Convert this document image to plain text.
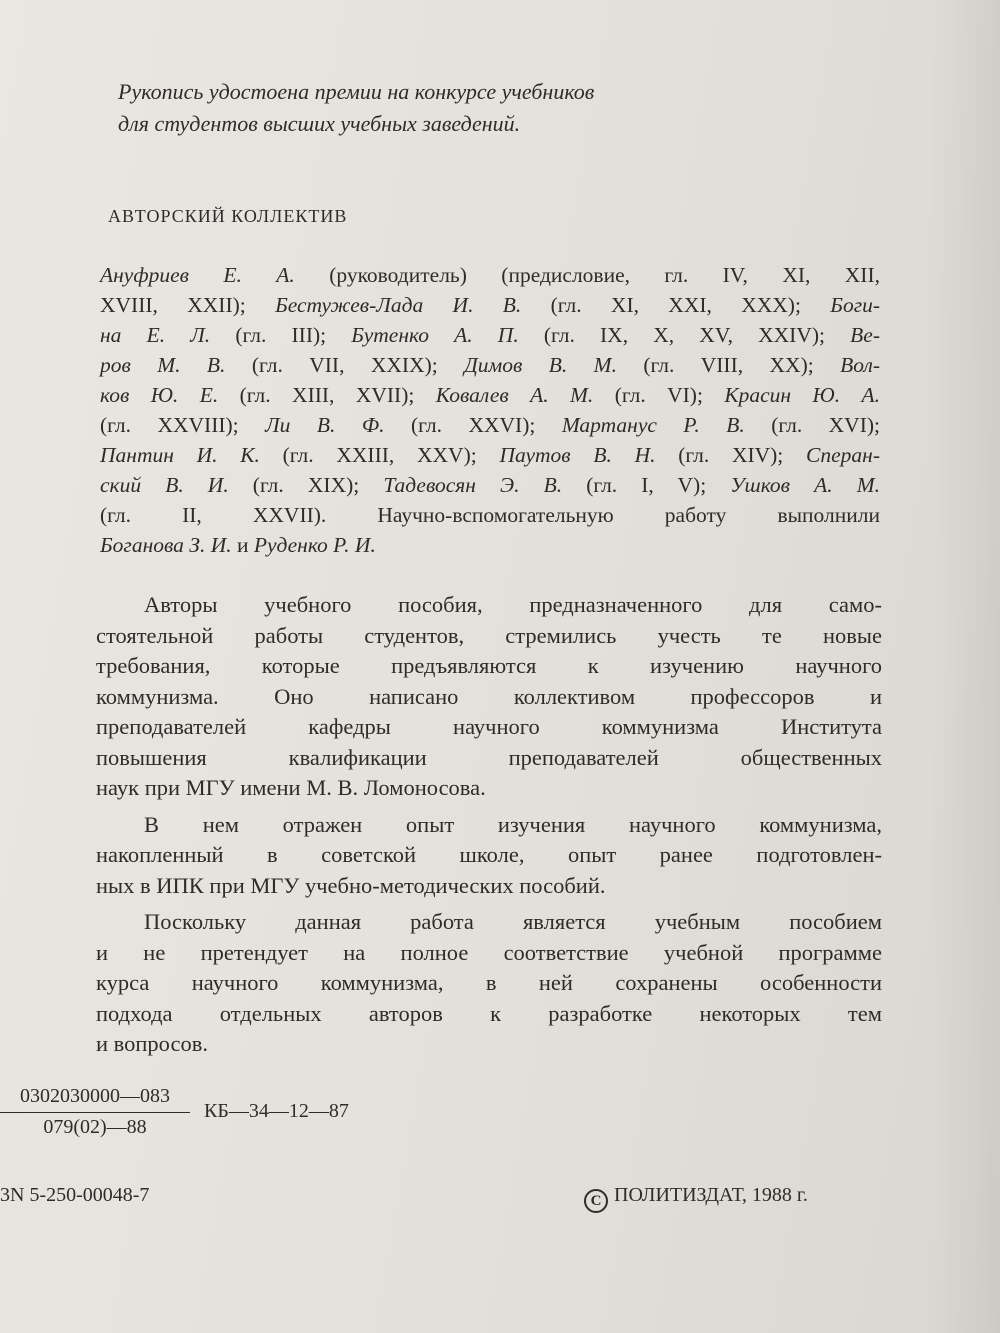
Рукопись удостоена премии на конкурсе учебников
для студентов высших учебных заведений.

АВТОРСКИЙ КОЛЛЕКТИВ

Ануфриев Е. А. (руководитель) (предисловие, гл. IV, XI, XII,
XVIII, XXII); Бестужев-Лада И. В. (гл. XI, XXI, XXX); Боги-
на Е. Л. (гл. III); Бутенко А. П. (гл. IX, X, XV, XXIV); Ве-
ров М. В. (гл. VII, XXIX); Димов В. М. (гл. VIII, XX); Вол-
ков Ю. Е. (гл. XIII, XVII); Ковалев А. М. (гл. VI); Красин Ю. А.
(гл. XXVIII); Ли В. Ф. (гл. XXVI); Мартанус Р. В. (гл. XVI);
Пантин И. К. (гл. XXIII, XXV); Паутов В. Н. (гл. XIV); Сперан-
ский В. И. (гл. XIX); Тадевосян Э. В. (гл. I, V); Ушков А. М.
(гл. II, XXVII). Научно-вспомогательную работу выполнили
Боганова З. И. и Руденко Р. И.

Авторы учебного пособия, предназначенного для само-
стоятельной работы студентов, стремились учесть те новые
требования, которые предъявляются к изучению научного
коммунизма. Оно написано коллективом профессоров и
преподавателей кафедры научного коммунизма Института
повышения квалификации преподавателей общественных
наук при МГУ имени М. В. Ломоносова.
В нем отражен опыт изучения научного коммунизма,
накопленный в советской школе, опыт ранее подготовлен-
ных в ИПК при МГУ учебно-методических пособий.
Поскольку данная работа является учебным пособием
и не претендует на полное соответствие учебной программе
курса научного коммунизма, в ней сохранены особенности
подхода отдельных авторов к разработке некоторых тем
и вопросов.
$\frac{0302030000—083}{079(02)—88}$ КБ—34—12—87
3N 5-250-00048-7	C ПОЛИТИЗДАТ, 1988 г.
